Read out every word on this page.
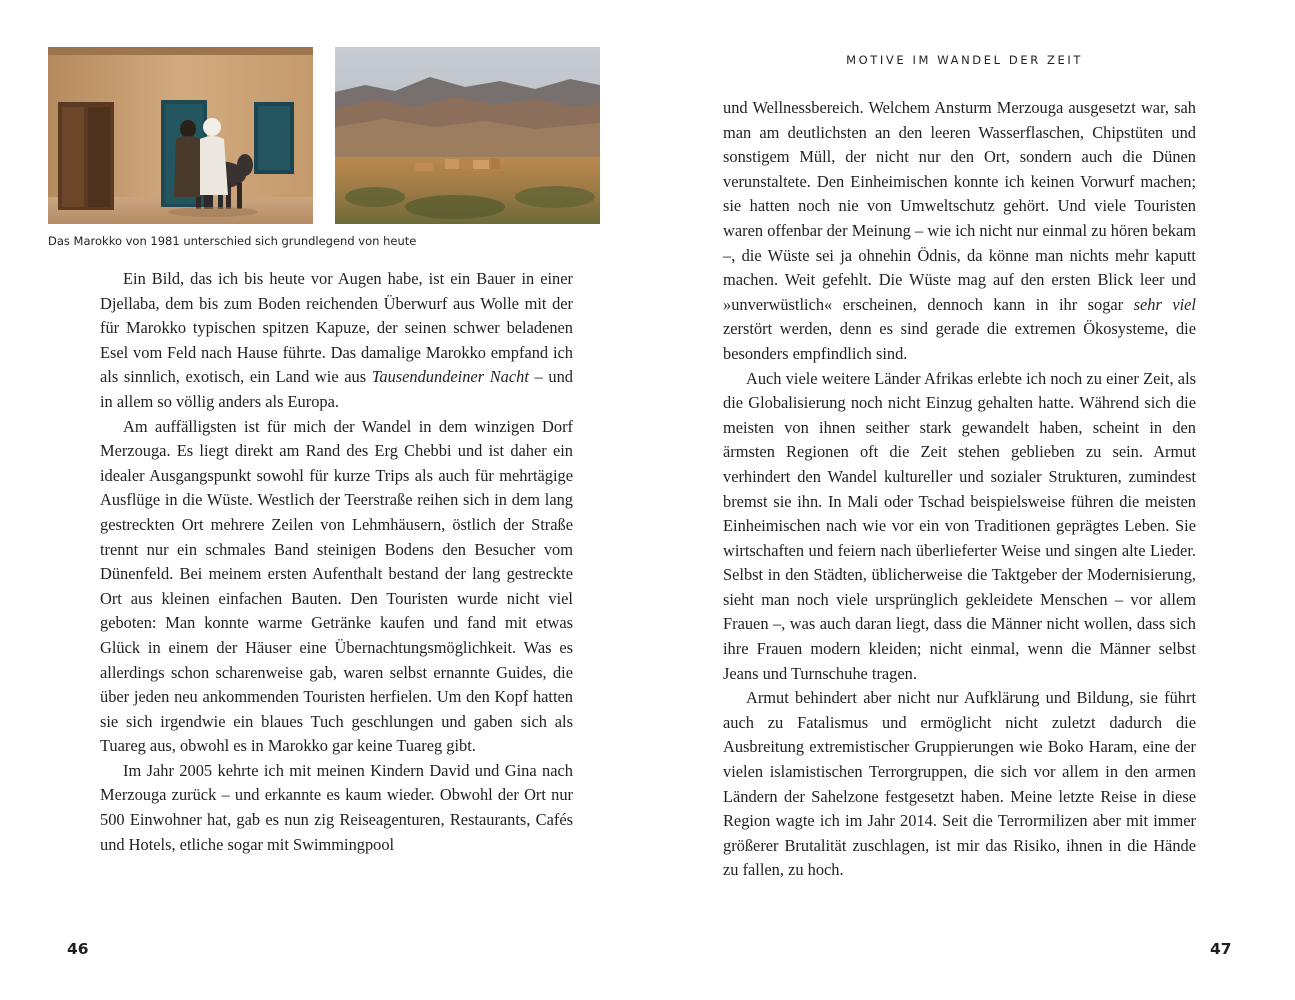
Das Marokko von 1981 unterschied sich grundlegend von heute

Ein Bild, das ich bis heute vor Augen habe, ist ein Bauer in einer Djellaba, dem bis zum Boden reichenden Überwurf aus Wolle mit der für Marokko typischen spitzen Kapuze, der seinen schwer beladenen Esel vom Feld nach Hause führte. Das damalige Marokko empfand ich als sinnlich, exotisch, ein Land wie aus Tausendundeiner Nacht – und in allem so völlig anders als Europa.

Am auffälligsten ist für mich der Wandel in dem winzigen Dorf Merzouga. Es liegt direkt am Rand des Erg Chebbi und ist daher ein idealer Ausgangspunkt sowohl für kurze Trips als auch für mehrtägige Ausflüge in die Wüste. Westlich der Teerstraße reihen sich in dem lang gestreckten Ort mehrere Zeilen von Lehmhäusern, östlich der Straße trennt nur ein schmales Band steinigen Bodens den Besucher vom Dünenfeld. Bei meinem ersten Aufenthalt bestand der lang gestreckte Ort aus kleinen einfachen Bauten. Den Touristen wurde nicht viel geboten: Man konnte warme Getränke kaufen und fand mit etwas Glück in einem der Häuser eine Übernachtungsmöglichkeit. Was es allerdings schon scharenweise gab, waren selbst ernannte Guides, die über jeden neu ankommenden Touristen herfielen. Um den Kopf hatten sie sich irgendwie ein blaues Tuch geschlungen und gaben sich als Tuareg aus, obwohl es in Marokko gar keine Tuareg gibt.

Im Jahr 2005 kehrte ich mit meinen Kindern David und Gina nach Merzouga zurück – und erkannte es kaum wieder. Obwohl der Ort nur 500 Einwohner hat, gab es nun zig Reiseagenturen, Restaurants, Cafés und Hotels, etliche sogar mit Swimmingpool

46
MOTIVE IM WANDEL DER ZEIT

und Wellnessbereich. Welchem Ansturm Merzouga ausgesetzt war, sah man am deutlichsten an den leeren Wasserflaschen, Chipstüten und sonstigem Müll, der nicht nur den Ort, sondern auch die Dünen verunstaltete. Den Einheimischen konnte ich keinen Vorwurf machen; sie hatten noch nie von Umweltschutz gehört. Und viele Touristen waren offenbar der Meinung – wie ich nicht nur einmal zu hören bekam –, die Wüste sei ja ohnehin Ödnis, da könne man nichts mehr kaputt machen. Weit gefehlt. Die Wüste mag auf den ersten Blick leer und »unverwüstlich« erscheinen, dennoch kann in ihr sogar sehr viel zerstört werden, denn es sind gerade die extremen Ökosysteme, die besonders empfindlich sind.

Auch viele weitere Länder Afrikas erlebte ich noch zu einer Zeit, als die Globalisierung noch nicht Einzug gehalten hatte. Während sich die meisten von ihnen seither stark gewandelt haben, scheint in den ärmsten Regionen oft die Zeit stehen geblieben zu sein. Armut verhindert den Wandel kultureller und sozialer Strukturen, zumindest bremst sie ihn. In Mali oder Tschad beispielsweise führen die meisten Einheimischen nach wie vor ein von Traditionen geprägtes Leben. Sie wirtschaften und feiern nach überlieferter Weise und singen alte Lieder. Selbst in den Städten, üblicherweise die Taktgeber der Modernisierung, sieht man noch viele ursprünglich gekleidete Menschen – vor allem Frauen –, was auch daran liegt, dass die Männer nicht wollen, dass sich ihre Frauen modern kleiden; nicht einmal, wenn die Männer selbst Jeans und Turnschuhe tragen.

Armut behindert aber nicht nur Aufklärung und Bildung, sie führt auch zu Fatalismus und ermöglicht nicht zuletzt dadurch die Ausbreitung extremistischer Gruppierungen wie Boko Haram, eine der vielen islamistischen Terrorgruppen, die sich vor allem in den armen Ländern der Sahelzone festgesetzt haben. Meine letzte Reise in diese Region wagte ich im Jahr 2014. Seit die Terrormilizen aber mit immer größerer Brutalität zuschlagen, ist mir das Risiko, ihnen in die Hände zu fallen, zu hoch.

47
